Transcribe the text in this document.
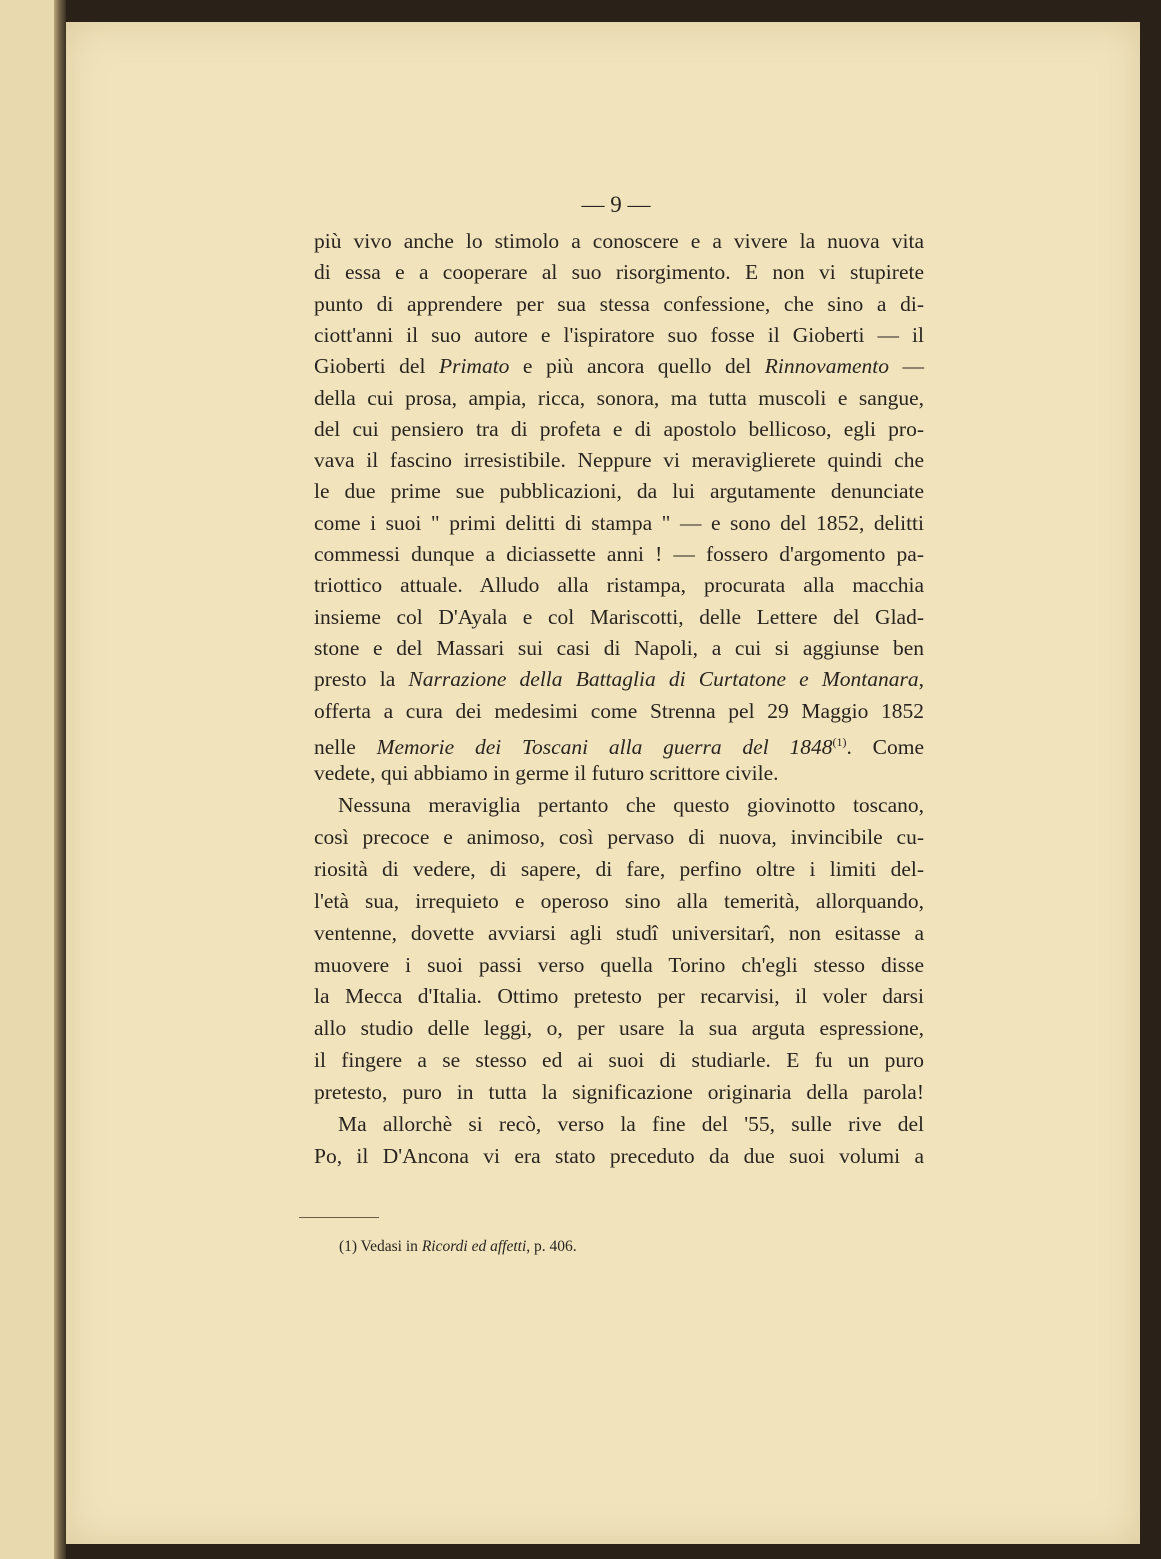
— 9 —
più vivo anche lo stimolo a conoscere e a vivere la nuova vita
di essa e a cooperare al suo risorgimento. E non vi stupirete
punto di apprendere per sua stessa confessione, che sino a di-
ciott'anni il suo autore e l'ispiratore suo fosse il Gioberti — il
Gioberti del Primato e più ancora quello del Rinnovamento —
della cui prosa, ampia, ricca, sonora, ma tutta muscoli e sangue,
del cui pensiero tra di profeta e di apostolo bellicoso, egli pro-
vava il fascino irresistibile. Neppure vi meraviglierete quindi che
le due prime sue pubblicazioni, da lui argutamente denunciate
come i suoi " primi delitti di stampa " — e sono del 1852, delitti
commessi dunque a diciassette anni ! — fossero d'argomento pa-
triottico attuale. Alludo alla ristampa, procurata alla macchia
insieme col D'Ayala e col Mariscotti, delle Lettere del Glad-
stone e del Massari sui casi di Napoli, a cui si aggiunse ben
presto la Narrazione della Battaglia di Curtatone e Montanara,
offerta a cura dei medesimi come Strenna pel 29 Maggio 1852
nelle Memorie dei Toscani alla guerra del 1848$^{(1)}$. Come
vedete, qui abbiamo in germe il futuro scrittore civile.
Nessuna meraviglia pertanto che questo giovinotto toscano,
così precoce e animoso, così pervaso di nuova, invincibile cu-
riosità di vedere, di sapere, di fare, perfino oltre i limiti del-
l'età sua, irrequieto e operoso sino alla temerità, allorquando,
ventenne, dovette avviarsi agli studî universitarî, non esitasse a
muovere i suoi passi verso quella Torino ch'egli stesso disse
la Mecca d'Italia. Ottimo pretesto per recarvisi, il voler darsi
allo studio delle leggi, o, per usare la sua arguta espressione,
il fingere a se stesso ed ai suoi di studiarle. E fu un puro
pretesto, puro in tutta la significazione originaria della parola!
Ma allorchè si recò, verso la fine del '55, sulle rive del
Po, il D'Ancona vi era stato preceduto da due suoi volumi a
(1) Vedasi in Ricordi ed affetti, p. 406.
